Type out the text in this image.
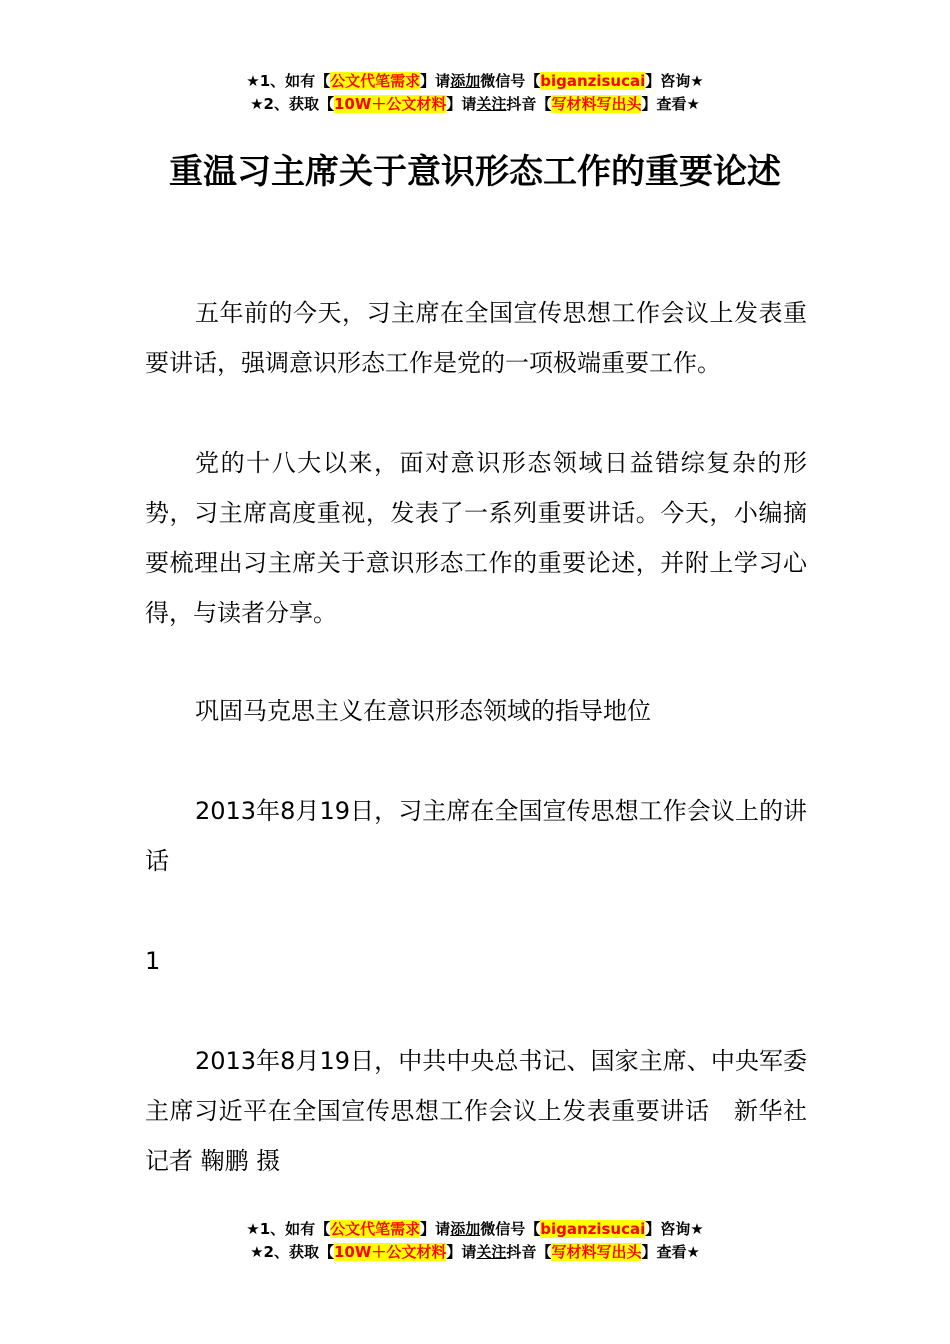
★1、如有【公文代笔需求】请添加微信号【biganzisucai】咨询★
★2、获取【10W＋公文材料】请关注抖音【写材料写出头】查看★
重温习主席关于意识形态工作的重要论述

五年前的今天，习主席在全国宣传思想工作会议上发表重要讲话，强调意识形态工作是党的一项极端重要工作。

党的十八大以来，面对意识形态领域日益错综复杂的形势，习主席高度重视，发表了一系列重要讲话。今天，小编摘要梳理出习主席关于意识形态工作的重要论述，并附上学习心得，与读者分享。

巩固马克思主义在意识形态领域的指导地位

2013年8月19日，习主席在全国宣传思想工作会议上的讲话

1

2013年8月19日，中共中央总书记、国家主席、中央军委主席习近平在全国宣传思想工作会议上发表重要讲话　新华社记者 鞠鹏 摄

★1、如有【公文代笔需求】请添加微信号【biganzisucai】咨询★
★2、获取【10W＋公文材料】请关注抖音【写材料写出头】查看★
